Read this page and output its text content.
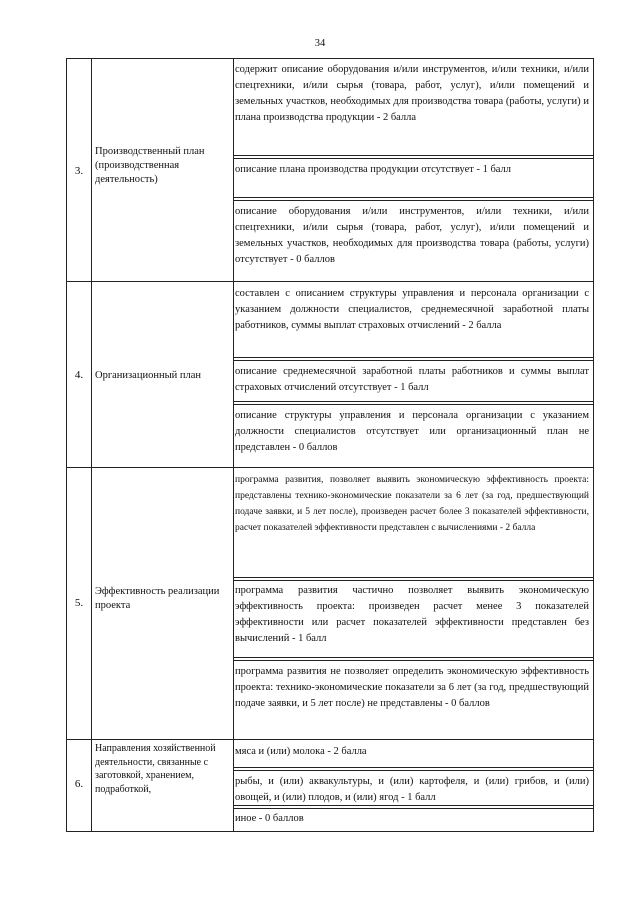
34
3.
Производственный план (производственная деятельность)
содержит описание оборудования и/или инструментов, и/или техники, и/или спецтехники, и/или сырья (товара, работ, услуг), и/или помещений и земельных участков, необходимых для производства товара (работы, услуги) и плана производства продукции - 2 балла
описание плана производства продукции отсутствует - 1 балл
описание оборудования и/или инструментов, и/или техники, и/или спецтехники, и/или сырья (товара, работ, услуг), и/или помещений и земельных участков, необходимых для производства товара (работы, услуги) отсутствует - 0 баллов
4.	Организационный план
составлен с описанием структуры управления и персонала организации с указанием должности специалистов, среднемесячной заработной платы работников, суммы выплат страховых отчислений - 2 балла
описание среднемесячной заработной платы работников и суммы выплат страховых отчислений отсутствует - 1 балл
описание структуры управления и персонала организации с указанием должности специалистов отсутствует или организационный план не представлен - 0 баллов
5.
Эффективность реализации проекта
программа развития, позволяет выявить экономическую эффективность проекта: представлены технико-экономические показатели за 6 лет (за год, предшествующий подаче заявки, и 5 лет после), произведен расчет более 3 показателей эффективности, расчет показателей эффективности представлен с вычислениями - 2 балла
программа развития частично позволяет выявить экономическую эффективность проекта: произведен расчет менее 3 показателей эффективности или расчет показателей эффективности представлен без вычислений - 1 балл
программа развития не позволяет определить экономическую эффективность проекта: технико-экономические показатели за 6 лет (за год, предшествующий подаче заявки, и 5 лет после) не представлены - 0 баллов
6.
Направления хозяйственной деятельности, связанные с заготовкой, хранением, подработкой,
мяса и (или) молока - 2 балла
рыбы, и (или) аквакультуры, и (или) картофеля, и (или) грибов, и (или) овощей, и (или) плодов, и (или) ягод - 1 балл
иное - 0 баллов
